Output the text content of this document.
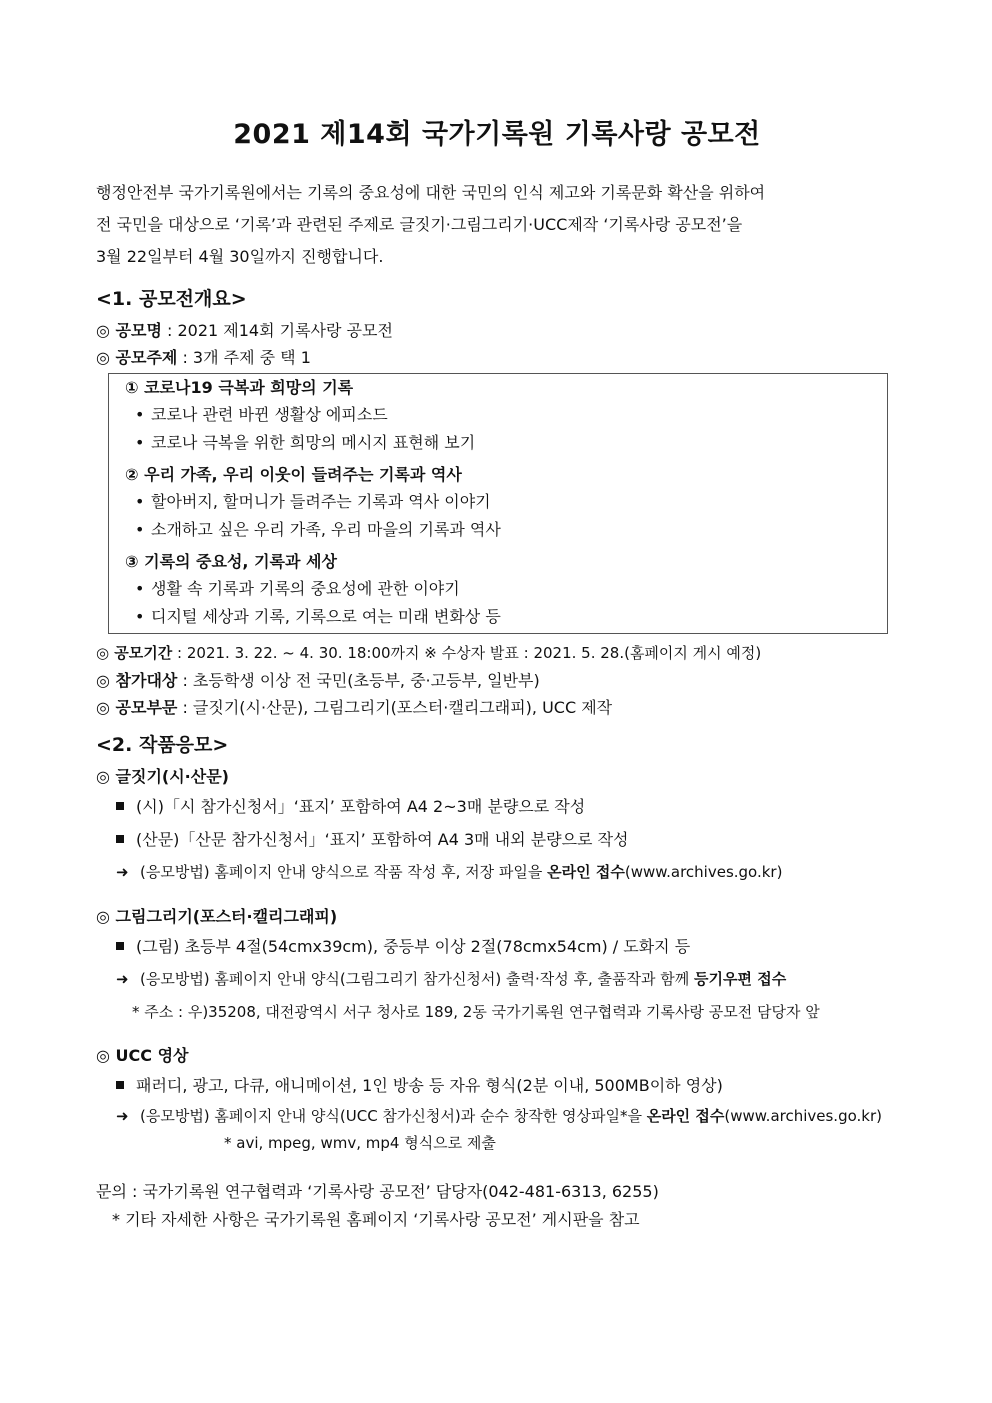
2021 제14회 국가기록원 기록사랑 공모전
행정안전부 국가기록원에서는 기록의 중요성에 대한 국민의 인식 제고와 기록문화 확산을 위하여
전 국민을 대상으로 ‘기록’과 관련된 주제로 글짓기·그림그리기·UCC제작 ‘기록사랑 공모전’을
3월 22일부터 4월 30일까지 진행합니다.
<1. 공모전개요>
◎ 공모명 : 2021 제14회 기록사랑 공모전
◎ 공모주제 : 3개 주제 중 택 1
① 코로나19 극복과 희망의 기록
• 코로나 관련 바뀐 생활상 에피소드
• 코로나 극복을 위한 희망의 메시지 표현해 보기
② 우리 가족, 우리 이웃이 들려주는 기록과 역사
• 할아버지, 할머니가 들려주는 기록과 역사 이야기
• 소개하고 싶은 우리 가족, 우리 마을의 기록과 역사
③ 기록의 중요성, 기록과 세상
• 생활 속 기록과 기록의 중요성에 관한 이야기
• 디지털 세상과 기록, 기록으로 여는 미래 변화상 등
◎ 공모기간 : 2021. 3. 22. ~ 4. 30. 18:00까지 ※ 수상자 발표 : 2021. 5. 28.(홈페이지 게시 예정)
◎ 참가대상 : 초등학생 이상 전 국민(초등부, 중·고등부, 일반부)
◎ 공모부문 : 글짓기(시·산문), 그림그리기(포스터·캘리그래피), UCC 제작
<2. 작품응모>
◎ 글짓기(시·산문)
(시)「시 참가신청서」‘표지’ 포함하여 A4 2~3매 분량으로 작성
(산문)「산문 참가신청서」‘표지’ 포함하여 A4 3매 내외 분량으로 작성
➜ (응모방법) 홈페이지 안내 양식으로 작품 작성 후, 저장 파일을 온라인 접수(www.archives.go.kr)
◎ 그림그리기(포스터·캘리그래피)
(그림) 초등부 4절(54cmx39cm), 중등부 이상 2절(78cmx54cm) / 도화지 등
➜ (응모방법) 홈페이지 안내 양식(그림그리기 참가신청서) 출력·작성 후, 출품작과 함께 등기우편 접수
* 주소 : 우)35208, 대전광역시 서구 청사로 189, 2동 국가기록원 연구협력과 기록사랑 공모전 담당자 앞
◎ UCC 영상
패러디, 광고, 다큐, 애니메이션, 1인 방송 등 자유 형식(2분 이내, 500MB이하 영상)
➜ (응모방법) 홈페이지 안내 양식(UCC 참가신청서)과 순수 창작한 영상파일*을 온라인 접수(www.archives.go.kr)
* avi, mpeg, wmv, mp4 형식으로 제출
문의 : 국가기록원 연구협력과 ‘기록사랑 공모전’ 담당자(042-481-6313, 6255)
* 기타 자세한 사항은 국가기록원 홈페이지 ‘기록사랑 공모전’ 게시판을 참고
